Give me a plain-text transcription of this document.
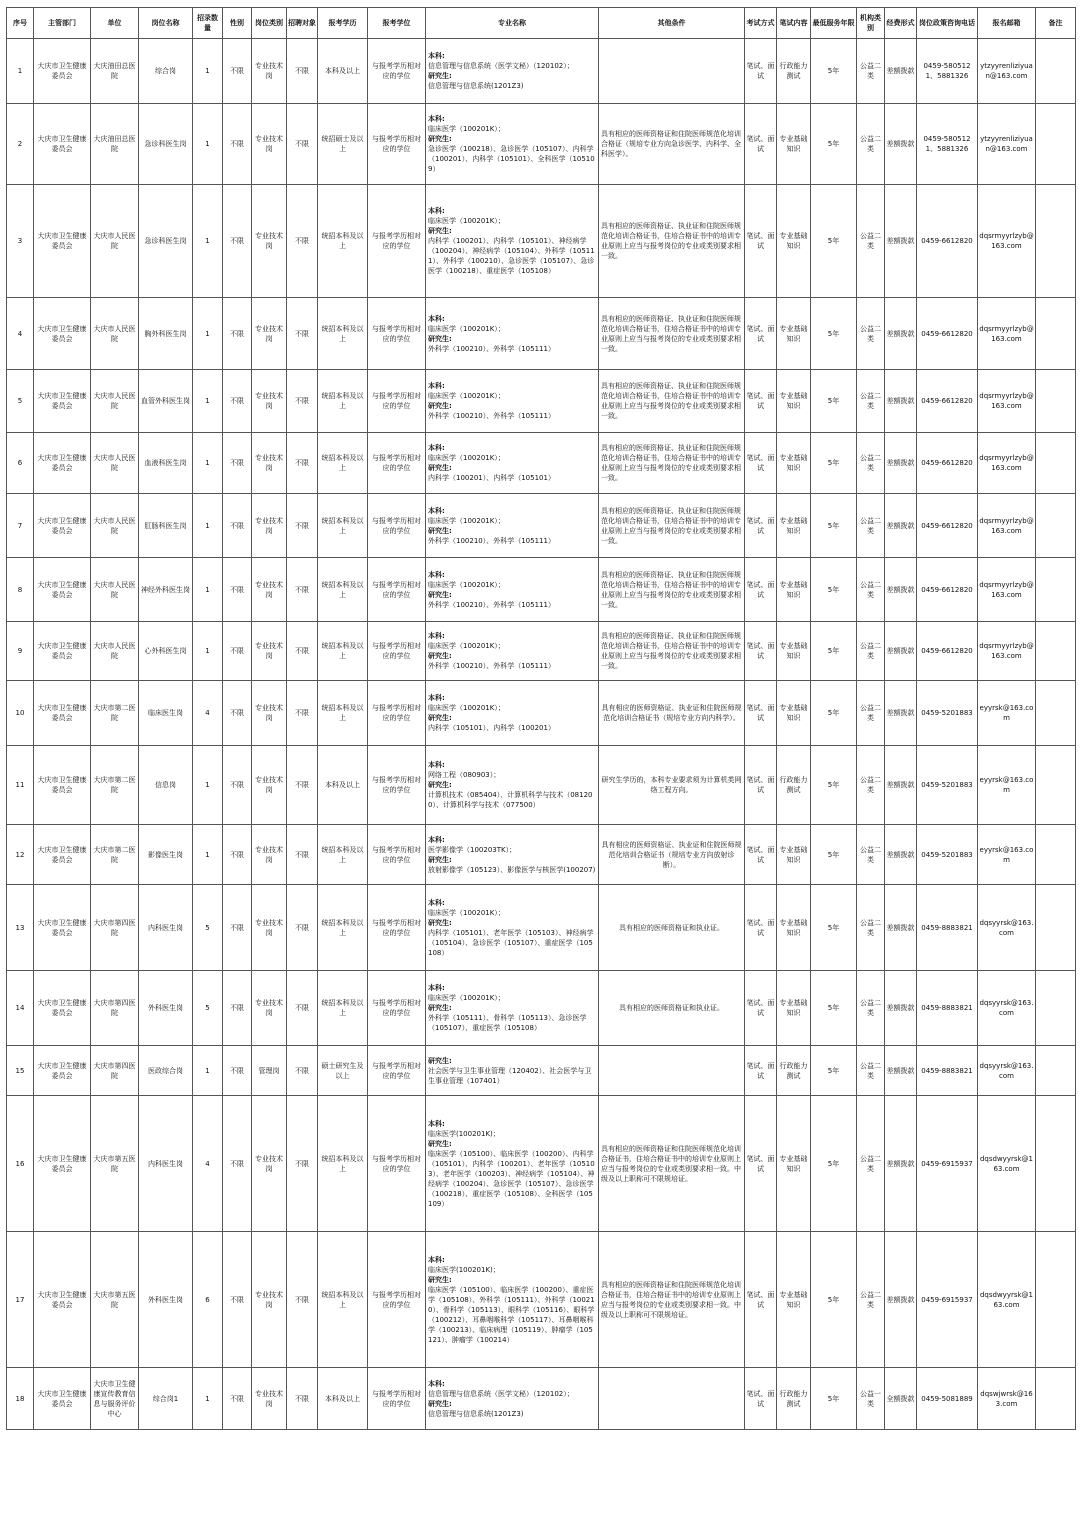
序号	主管部门	单位	岗位名称	招录数量	性别	岗位类别	招聘对象	报考学历	报考学位	专业名称	其他条件	考试方式	笔试内容	最低服务年限	机构类别	经费形式	岗位政策咨询电话	报名邮箱	备注
1	大庆市卫生健康委员会	大庆油田总医院	综合岗	1	不限	专业技术岗	不限	本科及以上	与报考学历相对应的学位	本科:
信息管理与信息系统（医学文秘）（120102）；
研究生:
信息管理与信息系统(1201Z3)		笔试、面试	行政能力测试	5年	公益二类	差额拨款	0459-5805121、5881326	ytzyyrenliziyuan@163.com	
2	大庆市卫生健康委员会	大庆油田总医院	急诊科医生岗	1	不限	专业技术岗	不限	统招硕士及以上	与报考学历相对应的学位	本科:
临床医学（100201K）；
研究生:
急诊医学（100218）、急诊医学（105107）、内科学（100201）、内科学（105101）、全科医学（105109）	具有相应的医师资格证和住院医师规范化培训合格证（规培专业方向急诊医学、内科学、全科医学）。	笔试、面试	专业基础知识	5年	公益二类	差额拨款	0459-5805121、5881326	ytzyyrenliziyuan@163.com	
3	大庆市卫生健康委员会	大庆市人民医院	急诊科医生岗	1	不限	专业技术岗	不限	统招本科及以上	与报考学历相对应的学位	本科:
临床医学（100201K）；
研究生:
内科学（100201）、内科学（105101）、神经病学（100204）、神经病学（105104）、外科学（105111）、外科学（100210）、急诊医学（105107）、急诊医学（100218）、重症医学（105108）	具有相应的医师资格证、执业证和住院医师规范化培训合格证书，住培合格证书中的培训专业原则上应当与报考岗位的专业或类别要求相一致。	笔试、面试	专业基础知识	5年	公益二类	差额拨款	0459-6612820	dqsrmyyrlzyb@163.com	
4	大庆市卫生健康委员会	大庆市人民医院	胸外科医生岗	1	不限	专业技术岗	不限	统招本科及以上	与报考学历相对应的学位	本科:
临床医学（100201K）；
研究生:
外科学（100210）、外科学（105111）	具有相应的医师资格证、执业证和住院医师规范化培训合格证书，住培合格证书中的培训专业原则上应当与报考岗位的专业或类别要求相一致。	笔试、面试	专业基础知识	5年	公益二类	差额拨款	0459-6612820	dqsrmyyrlzyb@163.com	
5	大庆市卫生健康委员会	大庆市人民医院	血管外科医生岗	1	不限	专业技术岗	不限	统招本科及以上	与报考学历相对应的学位	本科:
临床医学（100201K）；
研究生:
外科学（100210）、外科学（105111）	具有相应的医师资格证、执业证和住院医师规范化培训合格证书，住培合格证书中的培训专业原则上应当与报考岗位的专业或类别要求相一致。	笔试、面试	专业基础知识	5年	公益二类	差额拨款	0459-6612820	dqsrmyyrlzyb@163.com	
6	大庆市卫生健康委员会	大庆市人民医院	血液科医生岗	1	不限	专业技术岗	不限	统招本科及以上	与报考学历相对应的学位	本科:
临床医学（100201K）；
研究生:
内科学（100201）、内科学（105101）	具有相应的医师资格证、执业证和住院医师规范化培训合格证书，住培合格证书中的培训专业原则上应当与报考岗位的专业或类别要求相一致。	笔试、面试	专业基础知识	5年	公益二类	差额拨款	0459-6612820	dqsrmyyrlzyb@163.com	
7	大庆市卫生健康委员会	大庆市人民医院	肛肠科医生岗	1	不限	专业技术岗	不限	统招本科及以上	与报考学历相对应的学位	本科:
临床医学（100201K）；
研究生:
外科学（100210）、外科学（105111）	具有相应的医师资格证、执业证和住院医师规范化培训合格证书，住培合格证书中的培训专业原则上应当与报考岗位的专业或类别要求相一致。	笔试、面试	专业基础知识	5年	公益二类	差额拨款	0459-6612820	dqsrmyyrlzyb@163.com	
8	大庆市卫生健康委员会	大庆市人民医院	神经外科医生岗	1	不限	专业技术岗	不限	统招本科及以上	与报考学历相对应的学位	本科:
临床医学（100201K）；
研究生:
外科学（100210）、外科学（105111）	具有相应的医师资格证、执业证和住院医师规范化培训合格证书，住培合格证书中的培训专业原则上应当与报考岗位的专业或类别要求相一致。	笔试、面试	专业基础知识	5年	公益二类	差额拨款	0459-6612820	dqsrmyyrlzyb@163.com	
9	大庆市卫生健康委员会	大庆市人民医院	心外科医生岗	1	不限	专业技术岗	不限	统招本科及以上	与报考学历相对应的学位	本科:
临床医学（100201K）；
研究生:
外科学（100210）、外科学（105111）	具有相应的医师资格证、执业证和住院医师规范化培训合格证书，住培合格证书中的培训专业原则上应当与报考岗位的专业或类别要求相一致。	笔试、面试	专业基础知识	5年	公益二类	差额拨款	0459-6612820	dqsrmyyrlzyb@163.com	
10	大庆市卫生健康委员会	大庆市第二医院	临床医生岗	4	不限	专业技术岗	不限	统招本科及以上	与报考学历相对应的学位	本科:
临床医学（100201K）；
研究生:
内科学（105101）、内科学（100201）	具有相应的医师资格证、执业证和住院医师规范化培训合格证书（规培专业方向内科学）。	笔试、面试	专业基础知识	5年	公益二类	差额拨款	0459-5201883	eyyrsk@163.com	
11	大庆市卫生健康委员会	大庆市第二医院	信息岗	1	不限	专业技术岗	不限	本科及以上	与报考学历相对应的学位	本科:
网络工程（080903）；
研究生:
计算机技术（085404）、计算机科学与技术（081200）、计算机科学与技术（077500）	研究生学历的，本科专业要求须为计算机类网络工程方向。	笔试、面试	行政能力测试	5年	公益二类	差额拨款	0459-5201883	eyyrsk@163.com	
12	大庆市卫生健康委员会	大庆市第二医院	影像医生岗	1	不限	专业技术岗	不限	统招本科及以上	与报考学历相对应的学位	本科:
医学影像学（100203TK）；
研究生:
放射影像学（105123）、影像医学与核医学(100207)	具有相应的医师资格证、执业证和住院医师规范化培训合格证书（规培专业方向放射诊断）。	笔试、面试	专业基础知识	5年	公益二类	差额拨款	0459-5201883	eyyrsk@163.com	
13	大庆市卫生健康委员会	大庆市第四医院	内科医生岗	5	不限	专业技术岗	不限	统招本科及以上	与报考学历相对应的学位	本科:
临床医学（100201K）；
研究生:
内科学（105101）、老年医学（105103）、神经病学（105104）、急诊医学（105107）、重症医学（105108）	具有相应的医师资格证和执业证。	笔试、面试	专业基础知识	5年	公益二类	差额拨款	0459-8883821	dqsyyrsk@163.com	
14	大庆市卫生健康委员会	大庆市第四医院	外科医生岗	5	不限	专业技术岗	不限	统招本科及以上	与报考学历相对应的学位	本科:
临床医学（100201K）；
研究生:
外科学（105111）、骨科学（105113）、急诊医学（105107）、重症医学（105108）	具有相应的医师资格证和执业证。	笔试、面试	专业基础知识	5年	公益二类	差额拨款	0459-8883821	dqsyyrsk@163.com	
15	大庆市卫生健康委员会	大庆市第四医院	医政综合岗	1	不限	管理岗	不限	硕士研究生及以上	与报考学历相对应的学位	研究生:
社会医学与卫生事业管理（120402）、社会医学与卫生事业管理（107401）		笔试、面试	行政能力测试	5年	公益二类	差额拨款	0459-8883821	dqsyyrsk@163.com	
16	大庆市卫生健康委员会	大庆市第五医院	内科医生岗	4	不限	专业技术岗	不限	统招本科及以上	与报考学历相对应的学位	本科:
临床医学(100201K)；
研究生:
临床医学（105100）、临床医学（100200）、内科学（105101）、内科学（100201）、老年医学（105103）、老年医学（100203）、神经病学（105104）、神经病学（100204）、急诊医学（105107）、急诊医学（100218）、重症医学（105108）、全科医学（105109）	具有相应的医师资格证和住院医师规范化培训合格证书，住培合格证书中的培训专业原则上应当与报考岗位的专业或类别要求相一致。中级及以上职称可不限规培证。	笔试、面试	专业基础知识	5年	公益二类	差额拨款	0459-6915937	dqsdwyyrsk@163.com	
17	大庆市卫生健康委员会	大庆市第五医院	外科医生岗	6	不限	专业技术岗	不限	统招本科及以上	与报考学历相对应的学位	本科:
临床医学(100201K)；
研究生:
临床医学（105100）、临床医学（100200）、重症医学（105108）、外科学（105111）、外科学（100210）、骨科学（105113）、眼科学（105116）、眼科学（100212）、耳鼻咽喉科学（105117）、耳鼻咽喉科学（100213）、临床病理（105119）、肿瘤学（105121）、肿瘤学（100214）	具有相应的医师资格证和住院医师规范化培训合格证书，住培合格证书中的培训专业原则上应当与报考岗位的专业或类别要求相一致。中级及以上职称可不限规培证。	笔试、面试	专业基础知识	5年	公益二类	差额拨款	0459-6915937	dqsdwyyrsk@163.com	
18	大庆市卫生健康委员会	大庆市卫生健康宣传教育信息与服务评价中心	综合岗1	1	不限	专业技术岗	不限	本科及以上	与报考学历相对应的学位	本科:
信息管理与信息系统（医学文秘）（120102）；
研究生:
信息管理与信息系统(1201Z3)		笔试、面试	行政能力测试	5年	公益一类	全额拨款	0459-5081889	dqswjwrsk@163.com	
